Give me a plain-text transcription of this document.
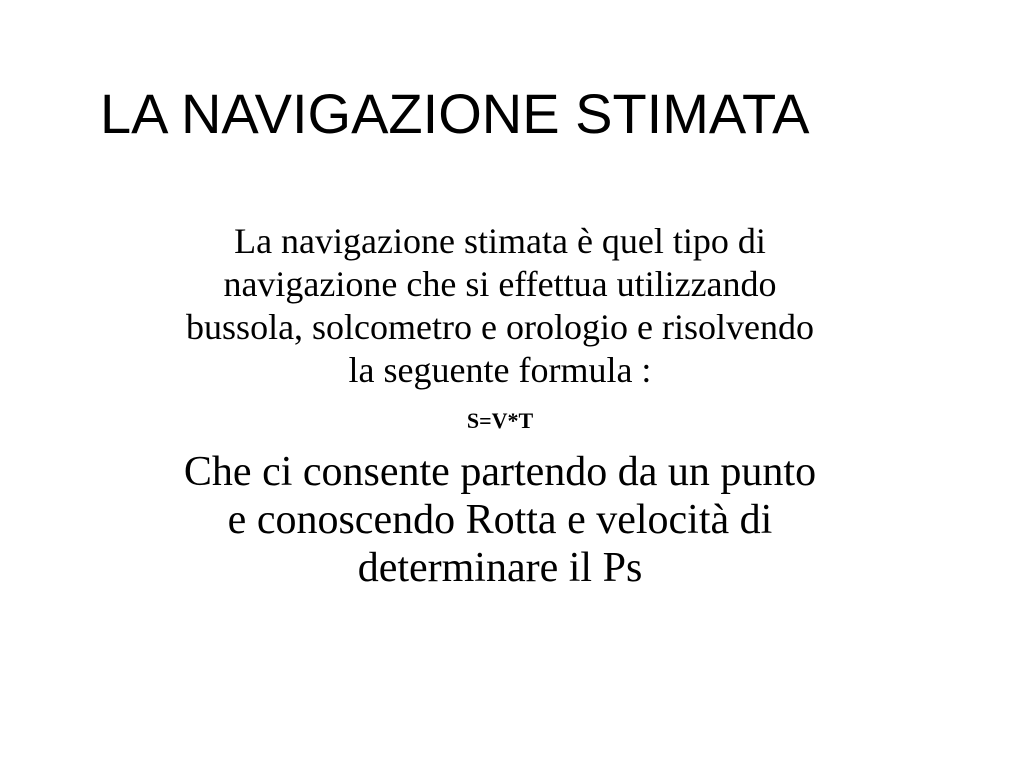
LA NAVIGAZIONE STIMATA

La navigazione stimata è quel tipo di navigazione che si effettua utilizzando bussola, solcometro e orologio e risolvendo la seguente formula :

S=V*T

Che ci consente partendo da un punto e conoscendo Rotta e velocità di determinare il Ps
